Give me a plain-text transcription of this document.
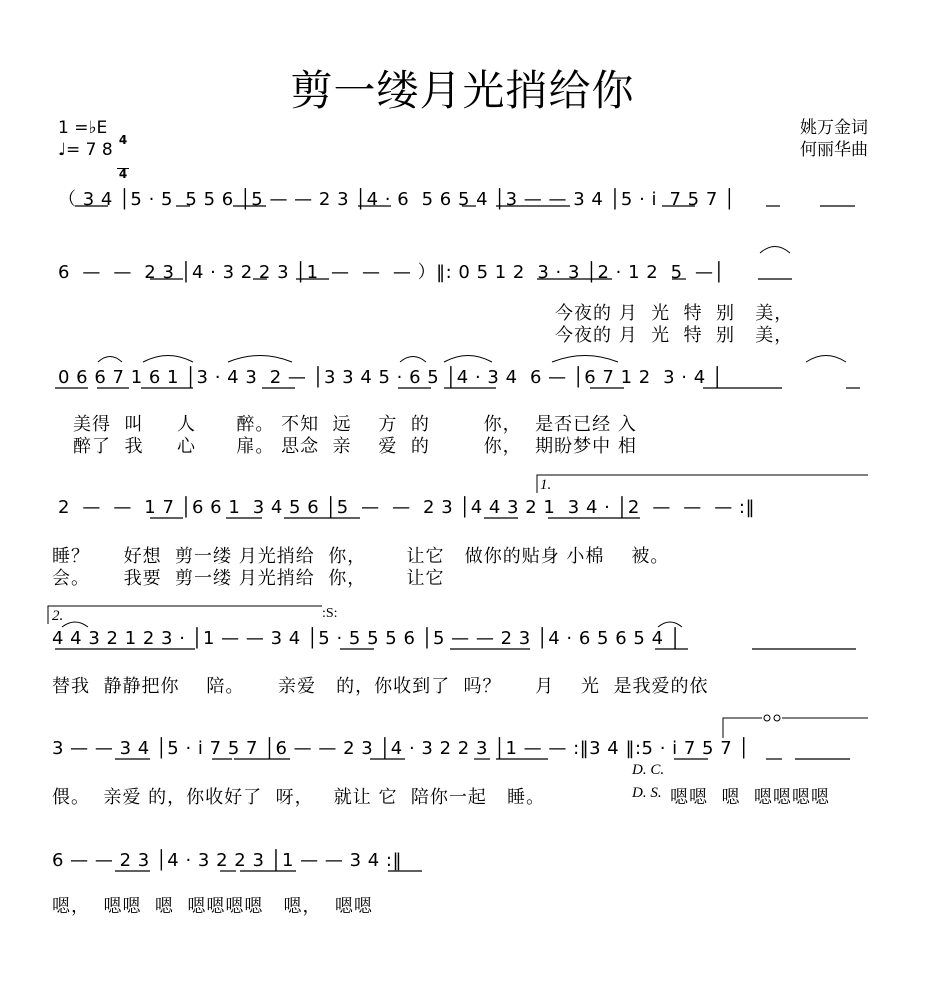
剪一缕月光捎给你
1 =♭E

4

4

♩= 7 8
姚万金词
何丽华曲
（ 3 4 │5 · 5  5 5 6 │5 — — 2 3 │4 · 6  5 6 5 4 │3 — — 3 4 │5 · i  7 5 7 │
6  —  —  2 3 │4 · 3 2 2 3 │1  —  —  — ）‖: 0 5 1 2  3 · 3 │2 · 1 2  5  —│
今夜的 月  光  特  别   美，
今夜的 月  光  特  别   美，
0 6 6 7 1 6 1 │3 · 4 3  2 — │3 3 4 5 · 6 5 │4 · 3 4  6 — │6 7 1 2  3 · 4 │
美得  叫     人      醉。 不知  远    方  的        你，  是否已经 入
醉了  我     心      扉。 思念  亲    爱  的        你，  期盼梦中 相
1.
2  —  —  1 7 │6 6 1  3 4 5 6 │5  —  —  2 3 │4 4 3 2 1  3 4 · │2  —  —  — :‖
睡？     好想  剪一缕 月光捎给  你，      让它   做你的贴身 小棉    被。
会。     我要  剪一缕 月光捎给  你，      让它
2.	:S:
4 4 3 2 1 2 3 · │1 — — 3 4 │5 · 5 5 5 6 │5 — — 2 3 │4 · 6 5 6 5 4 │
替我  静静把你    陪。     亲爱   的，你收到了  吗？     月    光  是我爱的依
3 — — 3 4 │5 · i 7 5 7 │6 — — 2 3 │4 · 3 2 2 3 │1 — — :‖3 4 ‖:5 · i 7 5 7 │
D. C.
偎。  亲爱 的，你收好了  呀，   就让 它  陪你一起   睡。	D. S. 嗯嗯  嗯  嗯嗯嗯嗯
6 — — 2 3 │4 · 3 2 2 3 │1 — — 3 4 :‖
嗯，  嗯嗯  嗯  嗯嗯嗯嗯   嗯，  嗯嗯
